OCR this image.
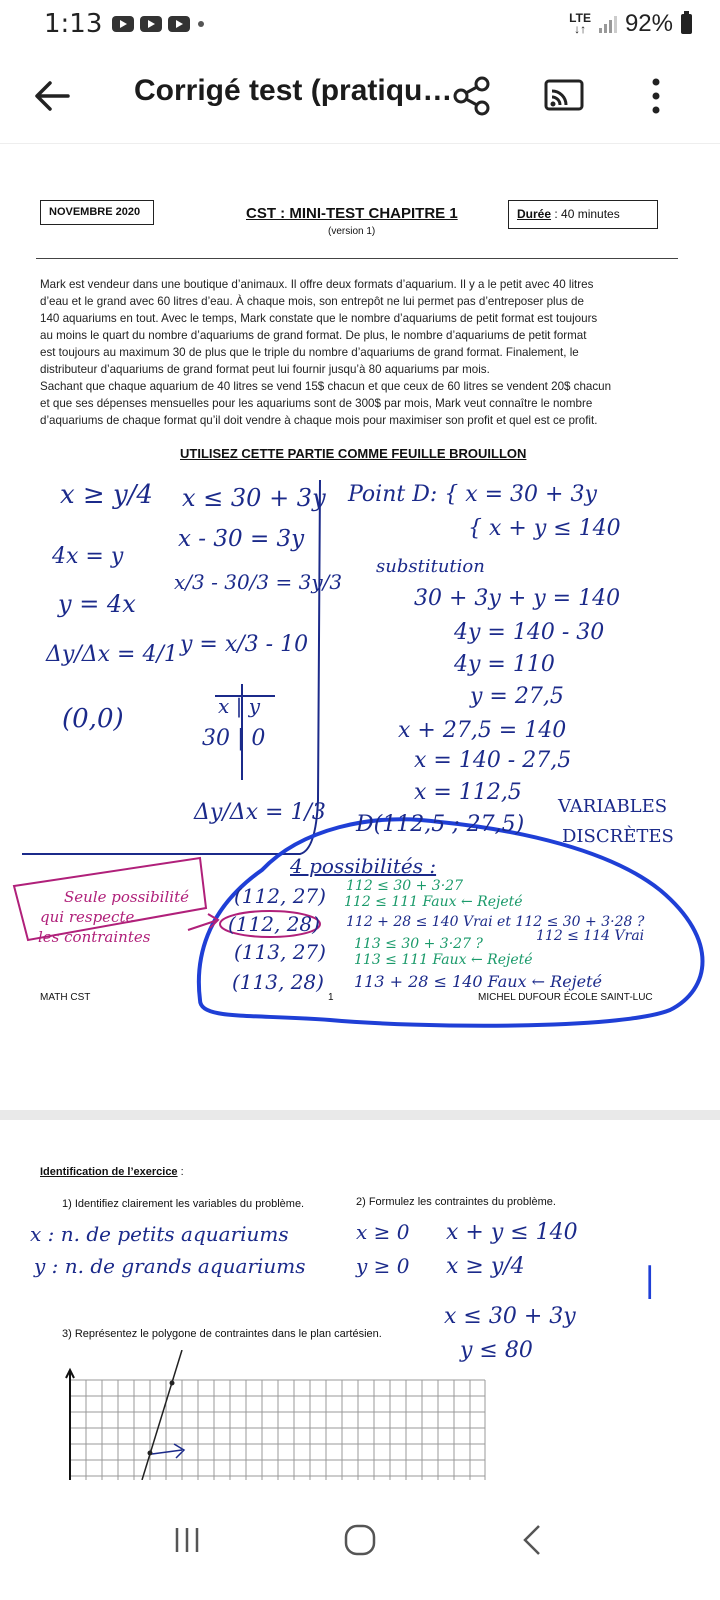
1:13	LTE
↓↑ 92%
Corrigé test (pratiqu…
NOVEMBRE 2020	CST : MINI-TEST CHAPITRE 1
(version 1)
Durée : 40 minutes

Mark est vendeur dans une boutique d’animaux. Il offre deux formats d’aquarium. Il y a le petit avec 40 litres

d’eau et le grand avec 60 litres d’eau. À chaque mois, son entrepôt ne lui permet pas d’entreposer plus de

140 aquariums en tout. Avec le temps, Mark constate que le nombre d’aquariums de petit format est toujours

au moins le quart du nombre d’aquariums de grand format. De plus, le nombre d’aquariums de petit format

est toujours au maximum 30 de plus que le triple du nombre d’aquariums de grand format. Finalement, le

distributeur d’aquariums de grand format peut lui fournir jusqu’à 80 aquariums par mois.

Sachant que chaque aquarium de 40 litres se vend 15$ chacun et que ceux de 60 litres se vendent 20$ chacun

et que ses dépenses mensuelles pour les aquariums sont de 300$ par mois, Mark veut connaître le nombre

d’aquariums de chaque format qu’il doit vendre à chaque mois pour maximiser son profit et quel est ce profit.

UTILISEZ CETTE PARTIE COMME FEUILLE BROUILLON
x ≥ y/4
4x = y
y = 4x
Δy/Δx = 4/1
(0,0)
x ≤ 30 + 3y
x - 30 = 3y
x/3 - 30/3 = 3y/3
y = x/3 - 10
x | y
30 | 0
Δy/Δx = 1/3
Point D: { x = 30 + 3y
{ x + y ≤ 140
substitution
30 + 3y + y = 140
4y = 140 - 30
4y = 110
y = 27,5
x + 27,5 = 140
x = 140 - 27,5
x = 112,5
D(112,5 ; 27,5)
VARIABLES
DISCRÈTES
4 possibilités :
(112, 27)
(112, 28)
(113, 27)
(113, 28)
112 ≤ 30 + 3·27
112 ≤ 111 Faux ← Rejeté
112 + 28 ≤ 140 Vrai et 112 ≤ 30 + 3·28 ?
112 ≤ 114 Vrai
113 ≤ 30 + 3·27 ?
113 ≤ 111 Faux ← Rejeté
113 + 28 ≤ 140 Faux ← Rejeté
Seule possibilité
qui respecte
les contraintes
MATH CST	1	MICHEL DUFOUR ÉCOLE SAINT-LUC
Identification de l’exercice :
1) Identifiez clairement les variables du problème.	2) Formulez les contraintes du problème.
x : n. de petits aquariums
y : n. de grands aquariums
x ≥ 0
y ≥ 0
x + y ≤ 140
x ≥ y/4
x ≤ 30 + 3y
y ≤ 80
|
3) Représentez le polygone de contraintes dans le plan cartésien.
